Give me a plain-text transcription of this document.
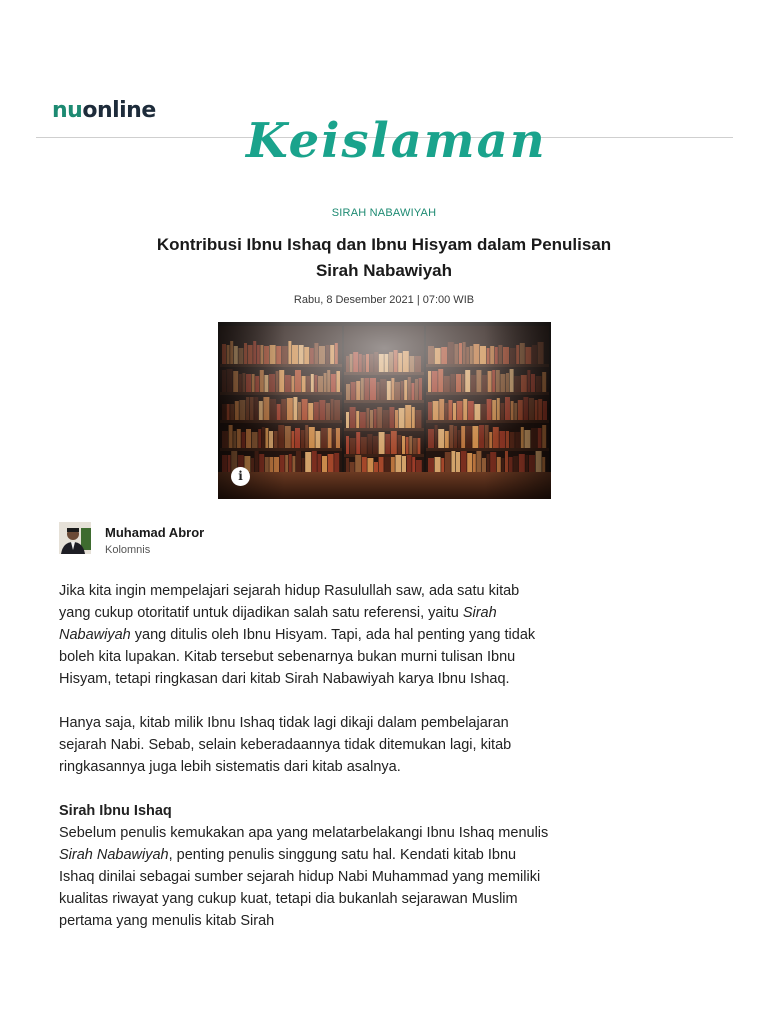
nuonline
Keislaman
SIRAH NABAWIYAH
Kontribusi Ibnu Ishaq dan Ibnu Hisyam dalam Penulisan Sirah Nabawiyah
Rabu, 8 Desember 2021 | 07:00 WIB
i
Muhamad Abror
Kolomnis

Jika kita ingin mempelajari sejarah hidup Rasulullah saw, ada satu kitab yang cukup otoritatif untuk dijadikan salah satu referensi, yaitu Sirah Nabawiyah yang ditulis oleh Ibnu Hisyam. Tapi, ada hal penting yang tidak boleh kita lupakan. Kitab tersebut sebenarnya bukan murni tulisan Ibnu Hisyam, tetapi ringkasan dari kitab Sirah Nabawiyah karya Ibnu Ishaq.

Hanya saja, kitab milik Ibnu Ishaq tidak lagi dikaji dalam pembelajaran sejarah Nabi. Sebab, selain keberadaannya tidak ditemukan lagi, kitab ringkasannya juga lebih sistematis dari kitab asalnya.

Sirah Ibnu Ishaq

Sebelum penulis kemukakan apa yang melatarbelakangi Ibnu Ishaq menulis Sirah Nabawiyah, penting penulis singgung satu hal. Kendati kitab Ibnu Ishaq dinilai sebagai sumber sejarah hidup Nabi Muhammad yang memiliki kualitas riwayat yang cukup kuat, tetapi dia bukanlah sejarawan Muslim pertama yang menulis kitab Sirah
